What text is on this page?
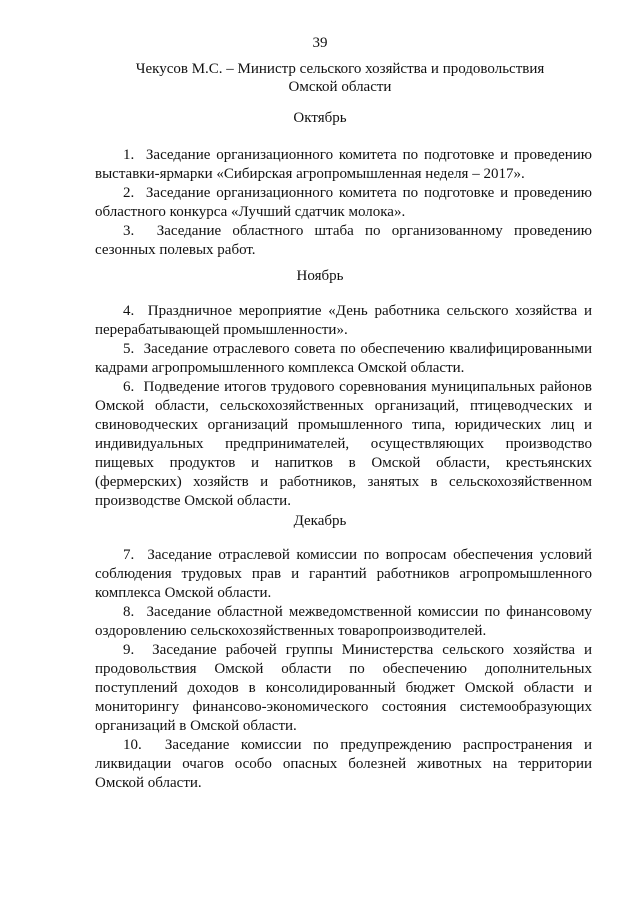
39
Чекусов М.С. – Министр сельского хозяйства и продовольствия
Омской области
Октябрь

1. Заседание организационного комитета по подготовке и проведению выставки-ярмарки «Сибирская агропромышленная неделя – 2017».

2. Заседание организационного комитета по подготовке и проведению областного конкурса «Лучший сдатчик молока».

3. Заседание областного штаба по организованному проведению сезонных полевых работ.

Ноябрь

4. Праздничное мероприятие «День работника сельского хозяйства и перерабатывающей промышленности».

5. Заседание отраслевого совета по обеспечению квалифицированными кадрами агропромышленного комплекса Омской области.

6. Подведение итогов трудового соревнования муниципальных районов Омской области, сельскохозяйственных организаций, птицеводческих и свиноводческих организаций промышленного типа, юридических лиц и индивидуальных предпринимателей, осуществляющих производство пищевых продуктов и напитков в Омской области, крестьянских (фермерских) хозяйств и работников, занятых в сельскохозяйственном производстве Омской области.

Декабрь

7. Заседание отраслевой комиссии по вопросам обеспечения условий соблюдения трудовых прав и гарантий работников агропромышленного комплекса Омской области.

8. Заседание областной межведомственной комиссии по финансовому оздоровлению сельскохозяйственных товаропроизводителей.

9. Заседание рабочей группы Министерства сельского хозяйства и продовольствия Омской области по обеспечению дополнительных поступлений доходов в консолидированный бюджет Омской области и мониторингу финансово-экономического состояния системообразующих организаций в Омской области.

10. Заседание комиссии по предупреждению распространения и ликвидации очагов особо опасных болезней животных на территории Омской области.
